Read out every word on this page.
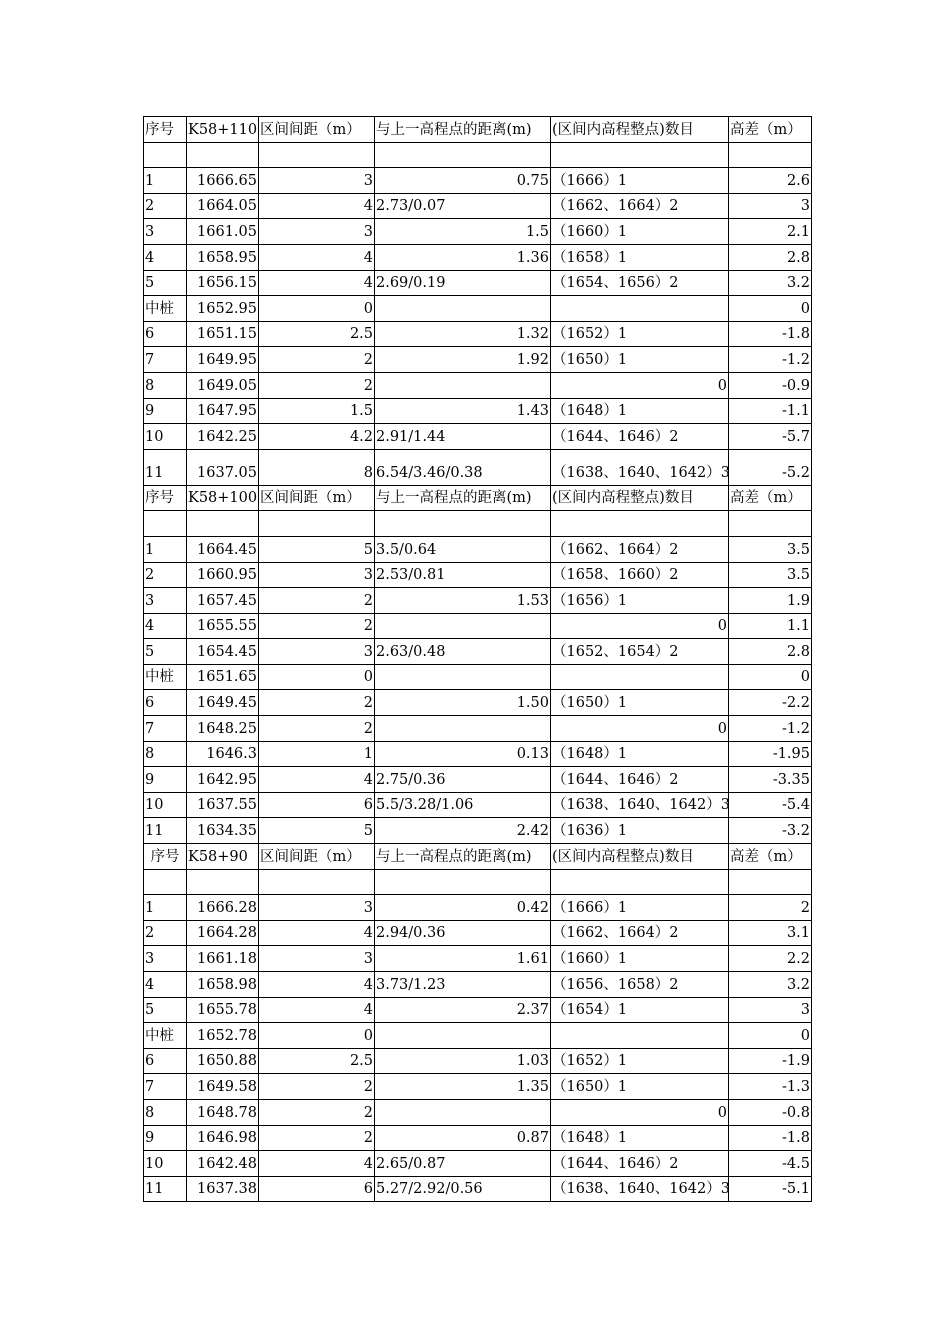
序号	K58+110	区间间距（m）	与上一高程点的距离(m)	(区间内高程整点)数目	高差（m）

1	1666.65	3	0.75	（1666）1	2.6
2	1664.05	4	2.73/0.07	（1662、1664）2	3
3	1661.05	3	1.5	（1660）1	2.1
4	1658.95	4	1.36	（1658）1	2.8
5	1656.15	4	2.69/0.19	（1654、1656）2	3.2
中桩	1652.95	0			0
6	1651.15	2.5	1.32	（1652）1	-1.8
7	1649.95	2	1.92	（1650）1	-1.2
8	1649.05	2		0	-0.9
9	1647.95	1.5	1.43	（1648）1	-1.1
10	1642.25	4.2	2.91/1.44	（1644、1646）2	-5.7
11	1637.05	8	6.54/3.46/0.38	（1638、1640、1642）3	-5.2
序号	K58+100	区间间距（m）	与上一高程点的距离(m)	(区间内高程整点)数目	高差（m）

1	1664.45	5	3.5/0.64	（1662、1664）2	3.5
2	1660.95	3	2.53/0.81	（1658、1660）2	3.5
3	1657.45	2	1.53	（1656）1	1.9
4	1655.55	2		0	1.1
5	1654.45	3	2.63/0.48	（1652、1654）2	2.8
中桩	1651.65	0			0
6	1649.45	2	1.50	（1650）1	-2.2
7	1648.25	2		0	-1.2
8	1646.3	1	0.13	（1648）1	-1.95
9	1642.95	4	2.75/0.36	（1644、1646）2	-3.35
10	1637.55	6	5.5/3.28/1.06	（1638、1640、1642）3	-5.4
11	1634.35	5	2.42	（1636）1	-3.2
序号	K58+90	区间间距（m）	与上一高程点的距离(m)	(区间内高程整点)数目	高差（m）

1	1666.28	3	0.42	（1666）1	2
2	1664.28	4	2.94/0.36	（1662、1664）2	3.1
3	1661.18	3	1.61	（1660）1	2.2
4	1658.98	4	3.73/1.23	（1656、1658）2	3.2
5	1655.78	4	2.37	（1654）1	3
中桩	1652.78	0			0
6	1650.88	2.5	1.03	（1652）1	-1.9
7	1649.58	2	1.35	（1650）1	-1.3
8	1648.78	2		0	-0.8
9	1646.98	2	0.87	（1648）1	-1.8
10	1642.48	4	2.65/0.87	（1644、1646）2	-4.5
11	1637.38	6	5.27/2.92/0.56	（1638、1640、1642）3	-5.1
